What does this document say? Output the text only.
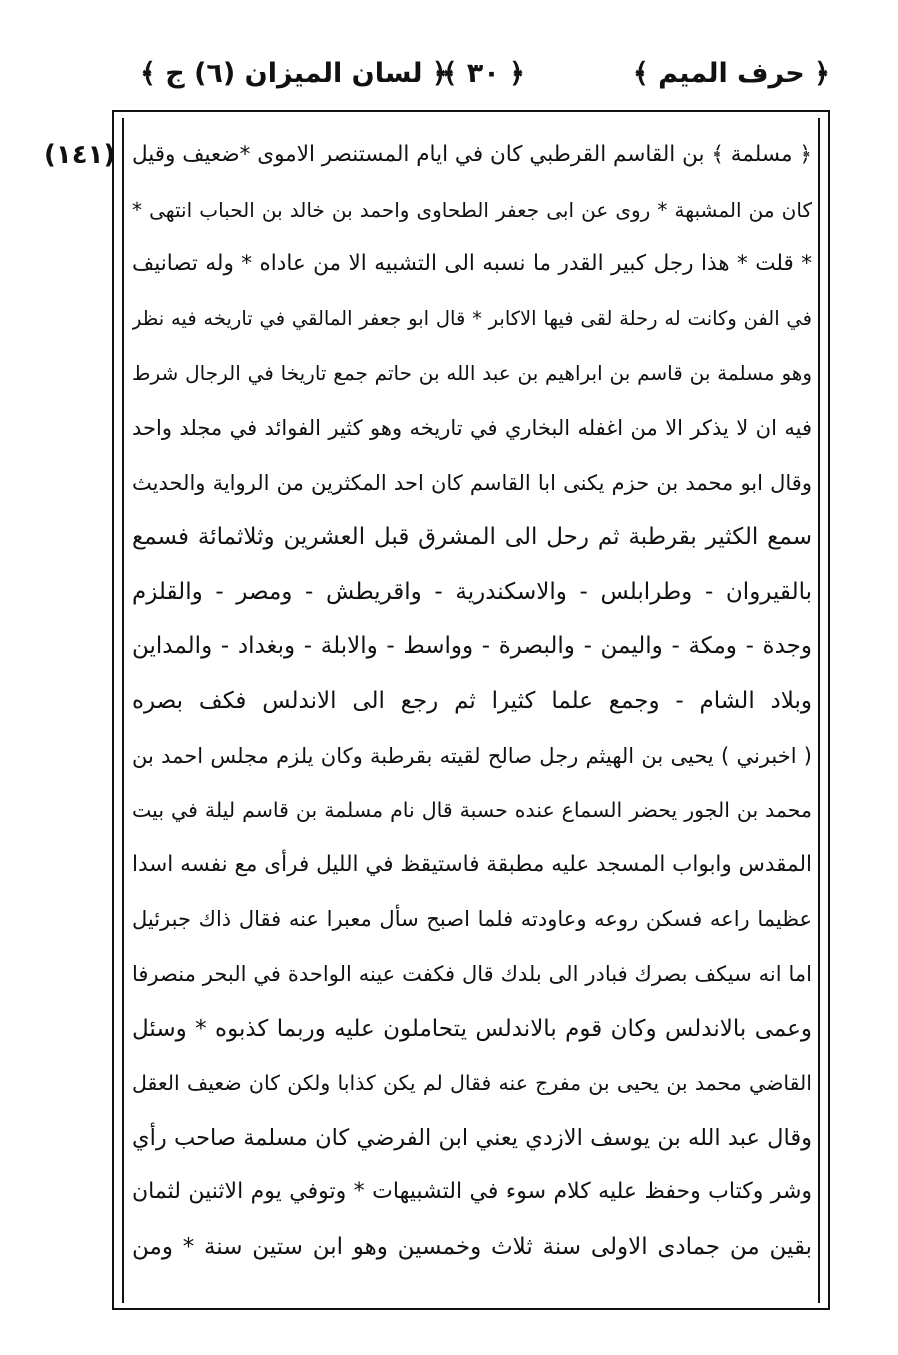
﴿ حرف الميم ﴾
﴿ ٣٠ ﴾
﴿ لسان الميزان (٦) ج ﴾
(١٤١) ﴿ مسلمة ﴾ بن القاسم القرطبي كان في ايام المستنصر الاموى *ضعيف وقيل
كان من المشبهة * روى عن ابى جعفر الطحاوى واحمد بن خالد بن الحباب انتهى *
* قلت * هذا رجل كبير القدر ما نسبه الى التشبيه الا من عاداه * وله تصانيف
في الفن وكانت له رحلة لقى فيها الاكابر * قال ابو جعفر المالقي في تاريخه فيه نظر
وهو مسلمة بن قاسم بن ابراهيم بن عبد الله بن حاتم جمع تاريخا في الرجال شرط
فيه ان لا يذكر الا من اغفله البخاري في تاريخه وهو كثير الفوائد في مجلد واحد
وقال ابو محمد بن حزم يكنى ابا القاسم كان احد المكثرين من الرواية والحديث
سمع الكثير بقرطبة ثم رحل الى المشرق قبل العشرين وثلاثمائة فسمع
بالقيروان - وطرابلس - والاسكندرية - واقريطش - ومصر - والقلزم
وجدة - ومكة - واليمن - والبصرة - وواسط - والابلة - وبغداد - والمداين
وبلاد الشام - وجمع علما كثيرا ثم رجع الى الاندلس فكف بصره
( اخبرني ) يحيى بن الهيثم رجل صالح لقيته بقرطبة وكان يلزم مجلس احمد بن
محمد بن الجور يحضر السماع عنده حسبة قال نام مسلمة بن قاسم ليلة في بيت
المقدس وابواب المسجد عليه مطبقة فاستيقظ في الليل فرأى مع نفسه اسدا
عظيما راعه فسكن روعه وعاودته فلما اصبح سأل معبرا عنه فقال ذاك جبرئيل
اما انه سيكف بصرك فبادر الى بلدك قال فكفت عينه الواحدة في البحر منصرفا
وعمى بالاندلس وكان قوم بالاندلس يتحاملون عليه وربما كذبوه * وسئل
القاضي محمد بن يحيى بن مفرج عنه فقال لم يكن كذابا ولكن كان ضعيف العقل
وقال عبد الله بن يوسف الازدي يعني ابن الفرضي كان مسلمة صاحب رأي
وشر وكتاب وحفظ عليه كلام سوء في التشبيهات * وتوفي يوم الاثنين لثمان
بقين من جمادى الاولى سنة ثلاث وخمسين وهو ابن ستين سنة * ومن
